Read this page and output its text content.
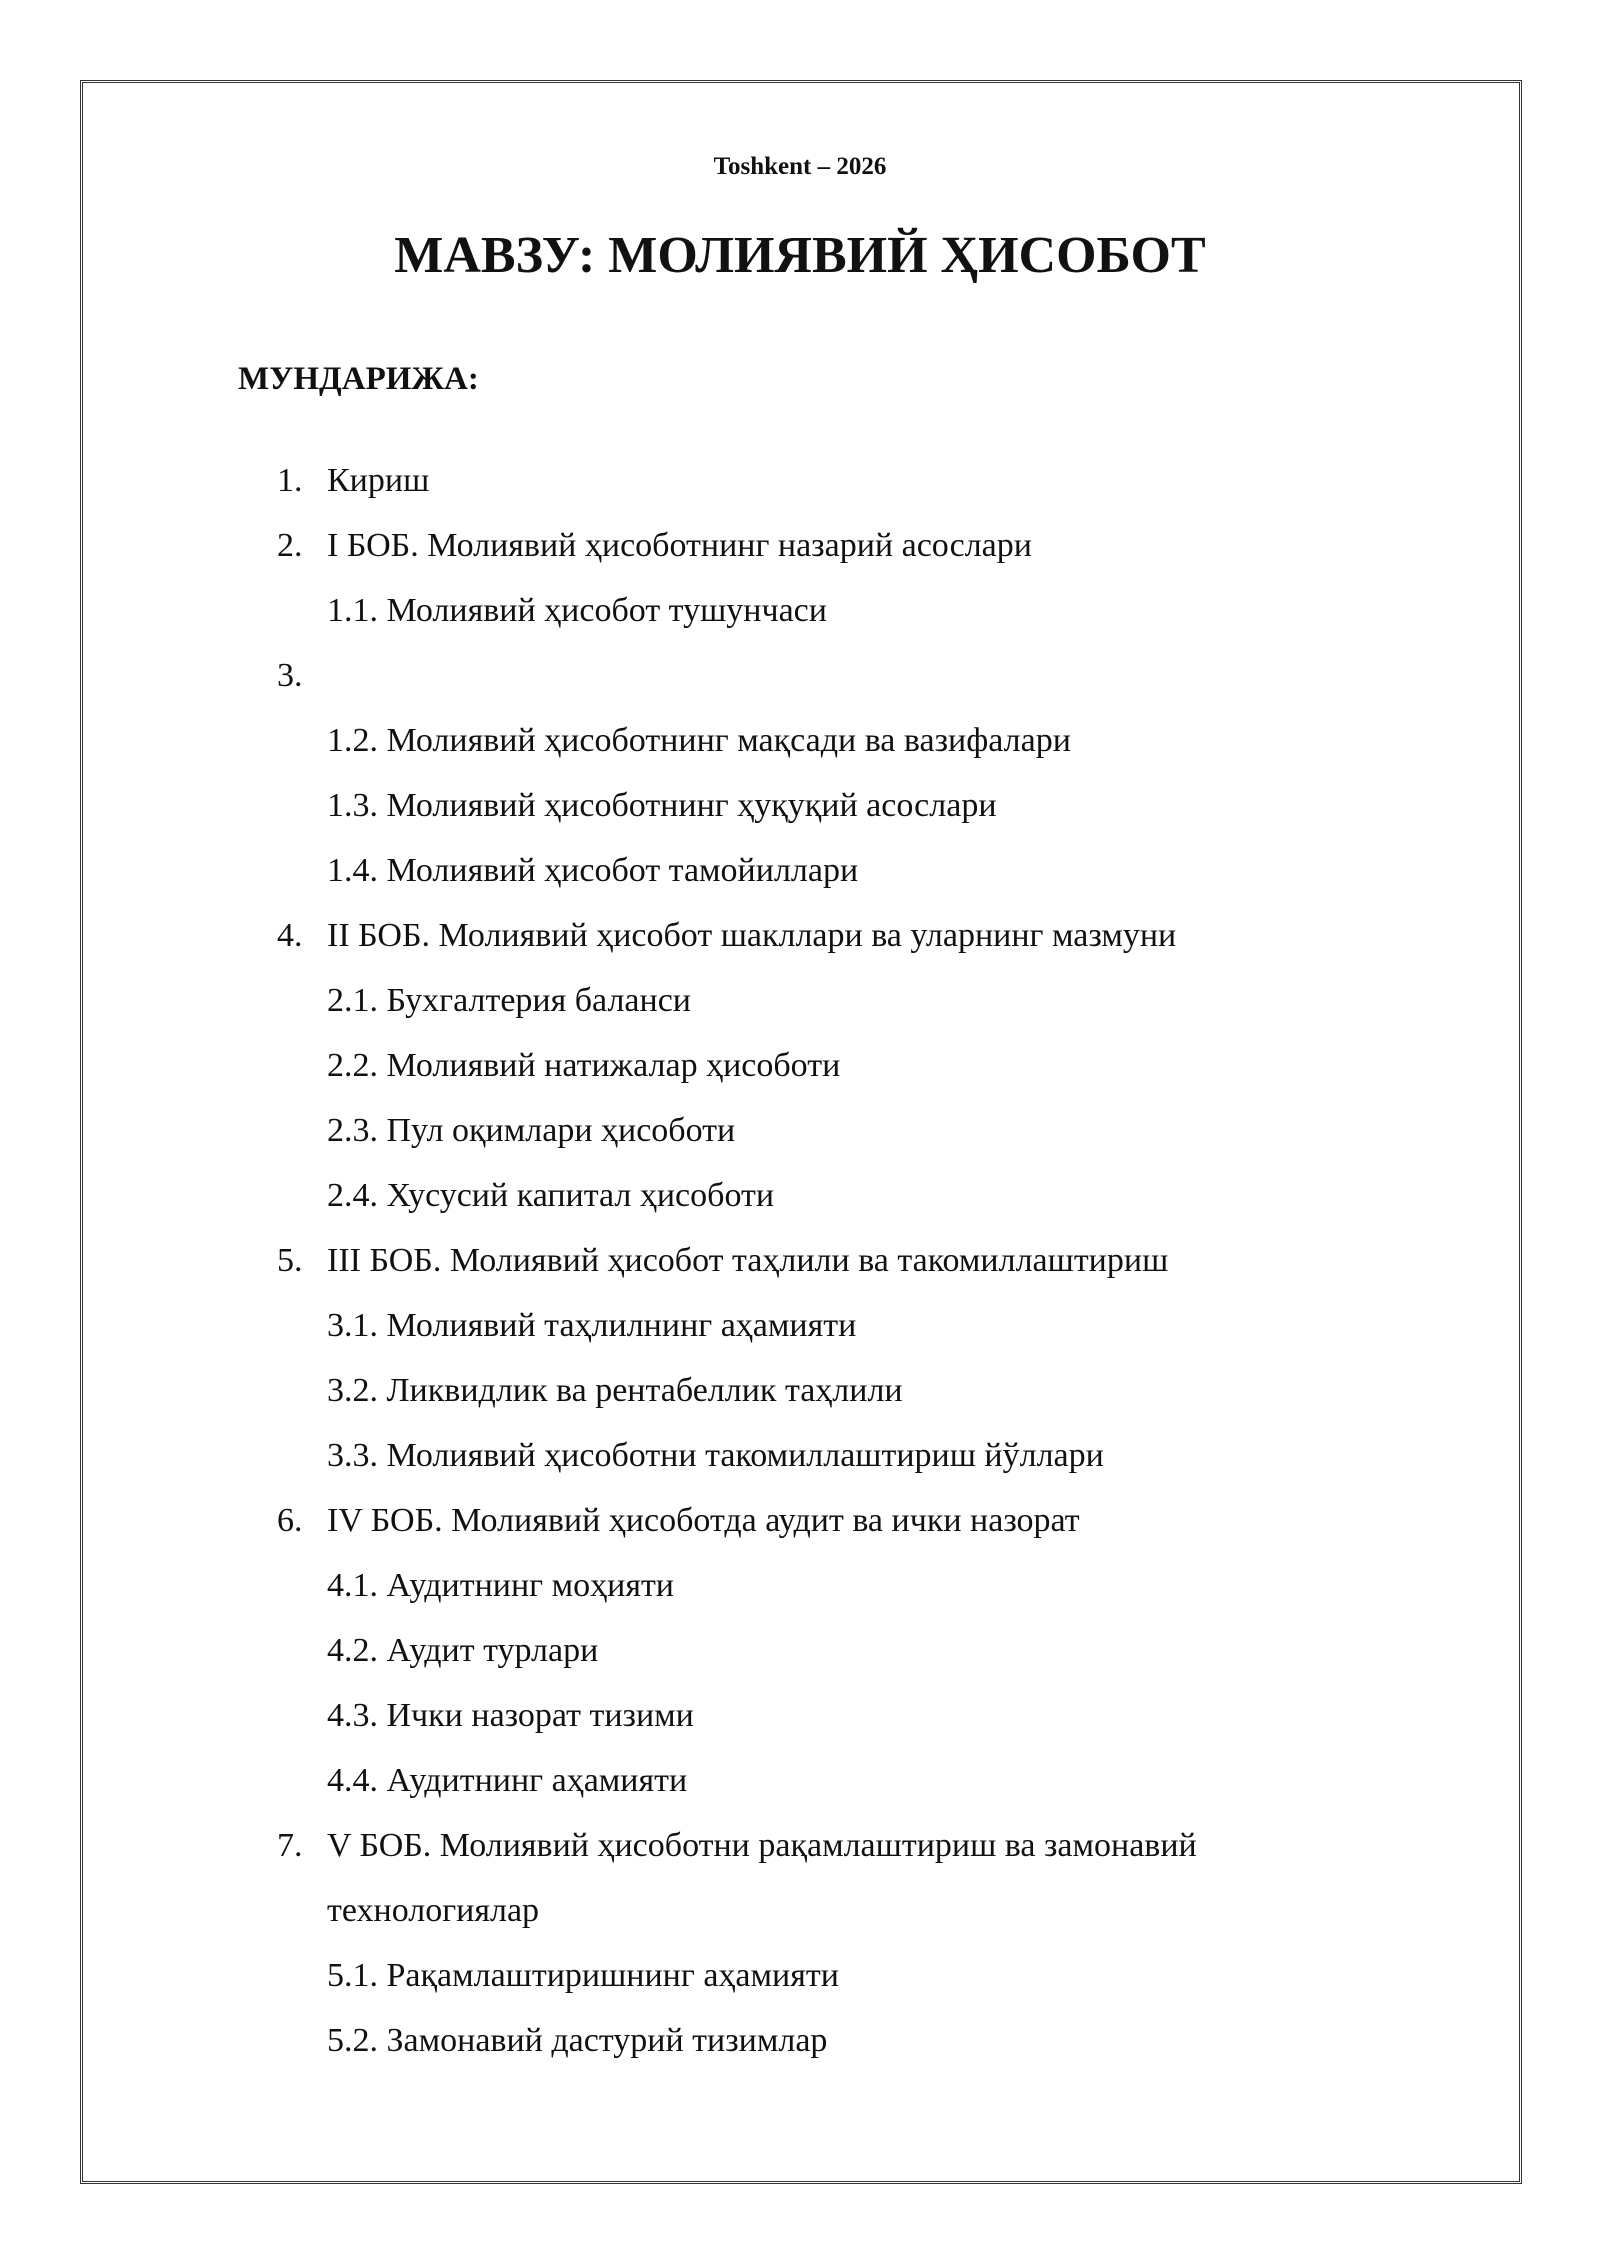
Toshkent – 2026
МАВЗУ: МОЛИЯВИЙ ҲИСОБОТ
МУНДАРИЖА:
1. Кириш
2. I БОБ. Молиявий ҳисоботнинг назарий асослари
1.1. Молиявий ҳисобот тушунчаси
3.
1.2. Молиявий ҳисоботнинг мақсади ва вазифалари
1.3. Молиявий ҳисоботнинг ҳуқуқий асослари
1.4. Молиявий ҳисобот тамойиллари
4. II БОБ. Молиявий ҳисобот шакллари ва уларнинг мазмуни
2.1. Бухгалтерия баланси
2.2. Молиявий натижалар ҳисоботи
2.3. Пул оқимлари ҳисоботи
2.4. Хусусий капитал ҳисоботи
5. III БОБ. Молиявий ҳисобот таҳлили ва такомиллаштириш
3.1. Молиявий таҳлилнинг аҳамияти
3.2. Ликвидлик ва рентабеллик таҳлили
3.3. Молиявий ҳисоботни такомиллаштириш йўллари
6. IV БОБ. Молиявий ҳисоботда аудит ва ички назорат
4.1. Аудитнинг моҳияти
4.2. Аудит турлари
4.3. Ички назорат тизими
4.4. Аудитнинг аҳамияти
7. V БОБ. Молиявий ҳисоботни рақамлаштириш ва замонавий
технологиялар
5.1. Рақамлаштиришнинг аҳамияти
5.2. Замонавий дастурий тизимлар
